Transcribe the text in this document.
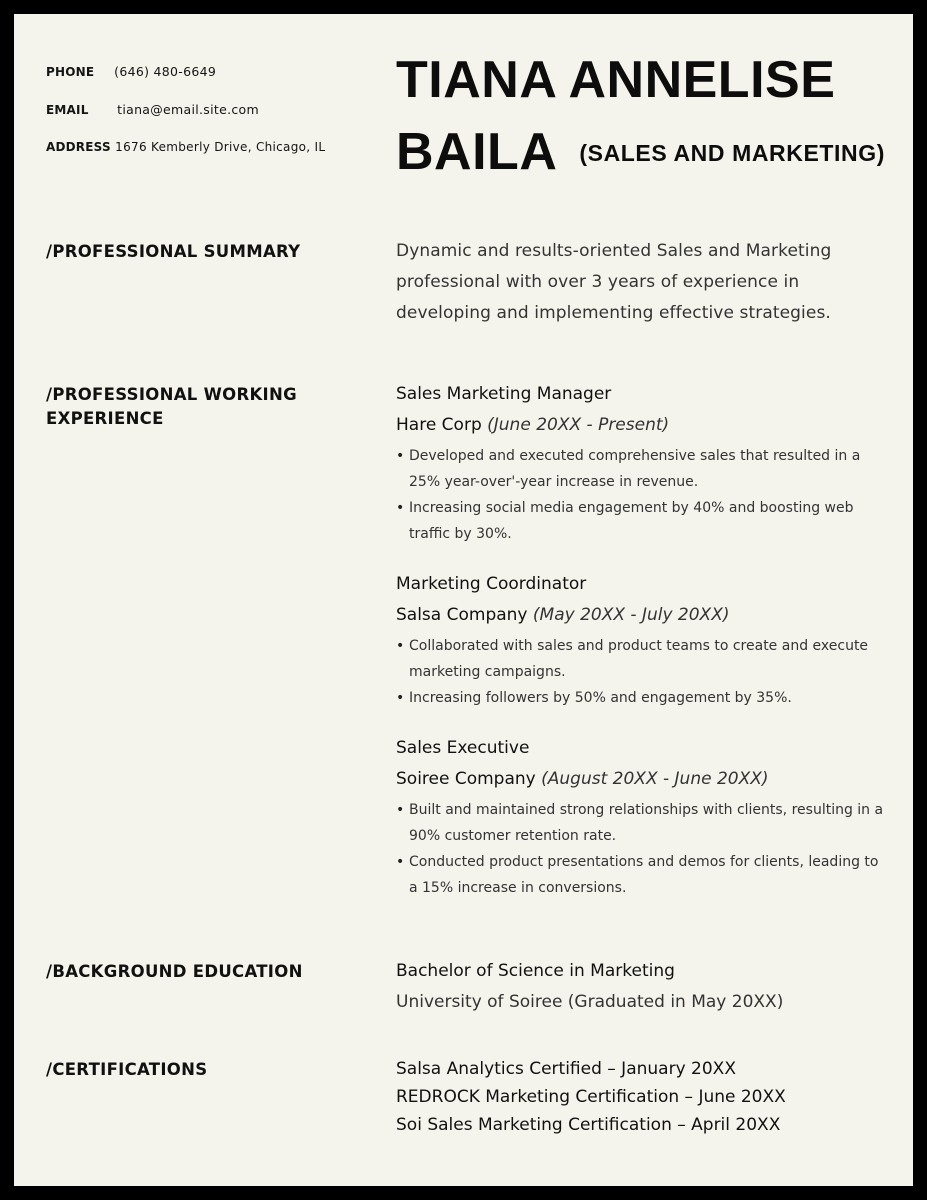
PHONE (646) 480-6649
EMAIL tiana@email.site.com
ADDRESS 1676 Kemberly Drive, Chicago, IL
TIANA ANNELISE
BAILA (SALES AND MARKETING)
/PROFESSIONAL SUMMARY	Dynamic and results-oriented Sales and Marketing professional with over 3 years of experience in developing and implementing effective strategies.
/PROFESSIONAL WORKING
EXPERIENCE
Sales Marketing Manager
Hare Corp (June 20XX - Present)
• Developed and executed comprehensive sales that resulted in a 25% year-over'-year increase in revenue.
• Increasing social media engagement by 40% and boosting web traffic by 30%.
Marketing Coordinator
Salsa Company (May 20XX - July 20XX)
• Collaborated with sales and product teams to create and execute marketing campaigns.
• Increasing followers by 50% and engagement by 35%.
Sales Executive
Soiree Company (August 20XX - June 20XX)
• Built and maintained strong relationships with clients, resulting in a 90% customer retention rate.
• Conducted product presentations and demos for clients, leading to a 15% increase in conversions.
/BACKGROUND EDUCATION	Bachelor of Science in Marketing
University of Soiree (Graduated in May 20XX)
/CERTIFICATIONS	Salsa Analytics Certified – January 20XX
REDROCK Marketing Certification – June 20XX
Soi Sales Marketing Certification – April 20XX
